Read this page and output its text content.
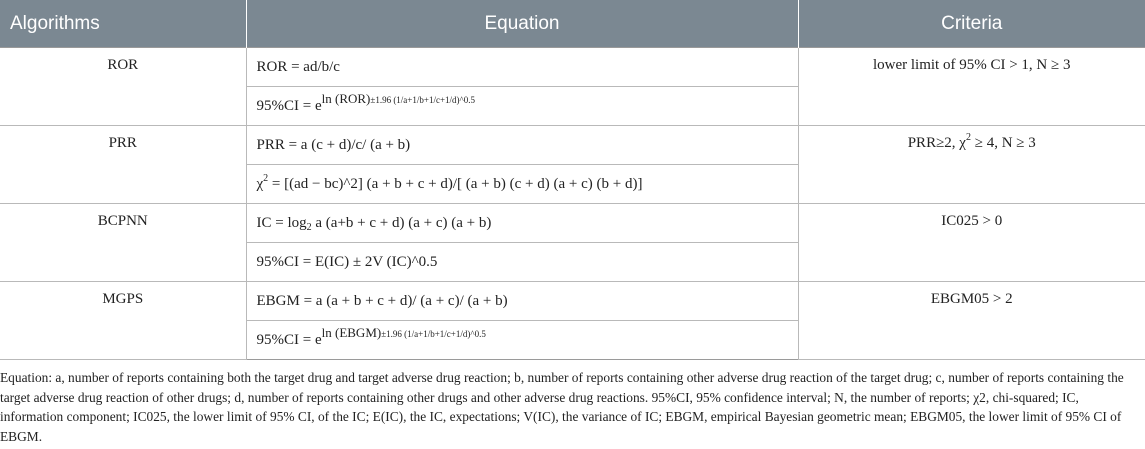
Algorithms	Equation	Criteria
ROR	ROR = ad/b/c	lower limit of 95% CI > 1, N ≥ 3
	$95\%CI = e^{ln (ROR)\pm 1.96 (1/a+1/b+1/c+1/d)\^{}0.5}$
PRR	PRR = a (c + d)/c/ (a + b)	PRR≥2, $\chi^2 \ge 4$, N ≥ 3
	$\chi^2 = [(ad$ − bc)^2] (a + b + c + d)/[ (a + b) (c + d) (a + c) (b + d)]	
BCPNN	IC = $\log_2 a$ (a+b + c + d) (a + c) (a + b)	IC025 > 0
	95%CI = E(IC) ± 2V (IC)^0.5	
MGPS	EBGM = a (a + b + c + d)/ (a + c)/ (a + b)	EBGM05 > 2
	$95\%CI = e^{ln (EBGM)\pm 1.96 (1/a+1/b+1/c+1/d)\^{}0.5}$

Equation: a, number of reports containing both the target drug and target adverse drug reaction; b, number of reports containing other adverse drug reaction of the target drug; c, number of reports containing the target adverse drug reaction of other drugs; d, number of reports containing other drugs and other adverse drug reactions. 95%CI, 95% confidence interval; N, the number of reports; χ2, chi-squared; IC, information component; IC025, the lower limit of 95% CI, of the IC; E(IC), the IC, expectations; V(IC), the variance of IC; EBGM, empirical Bayesian geometric mean; EBGM05, the lower limit of 95% CI of EBGM.
